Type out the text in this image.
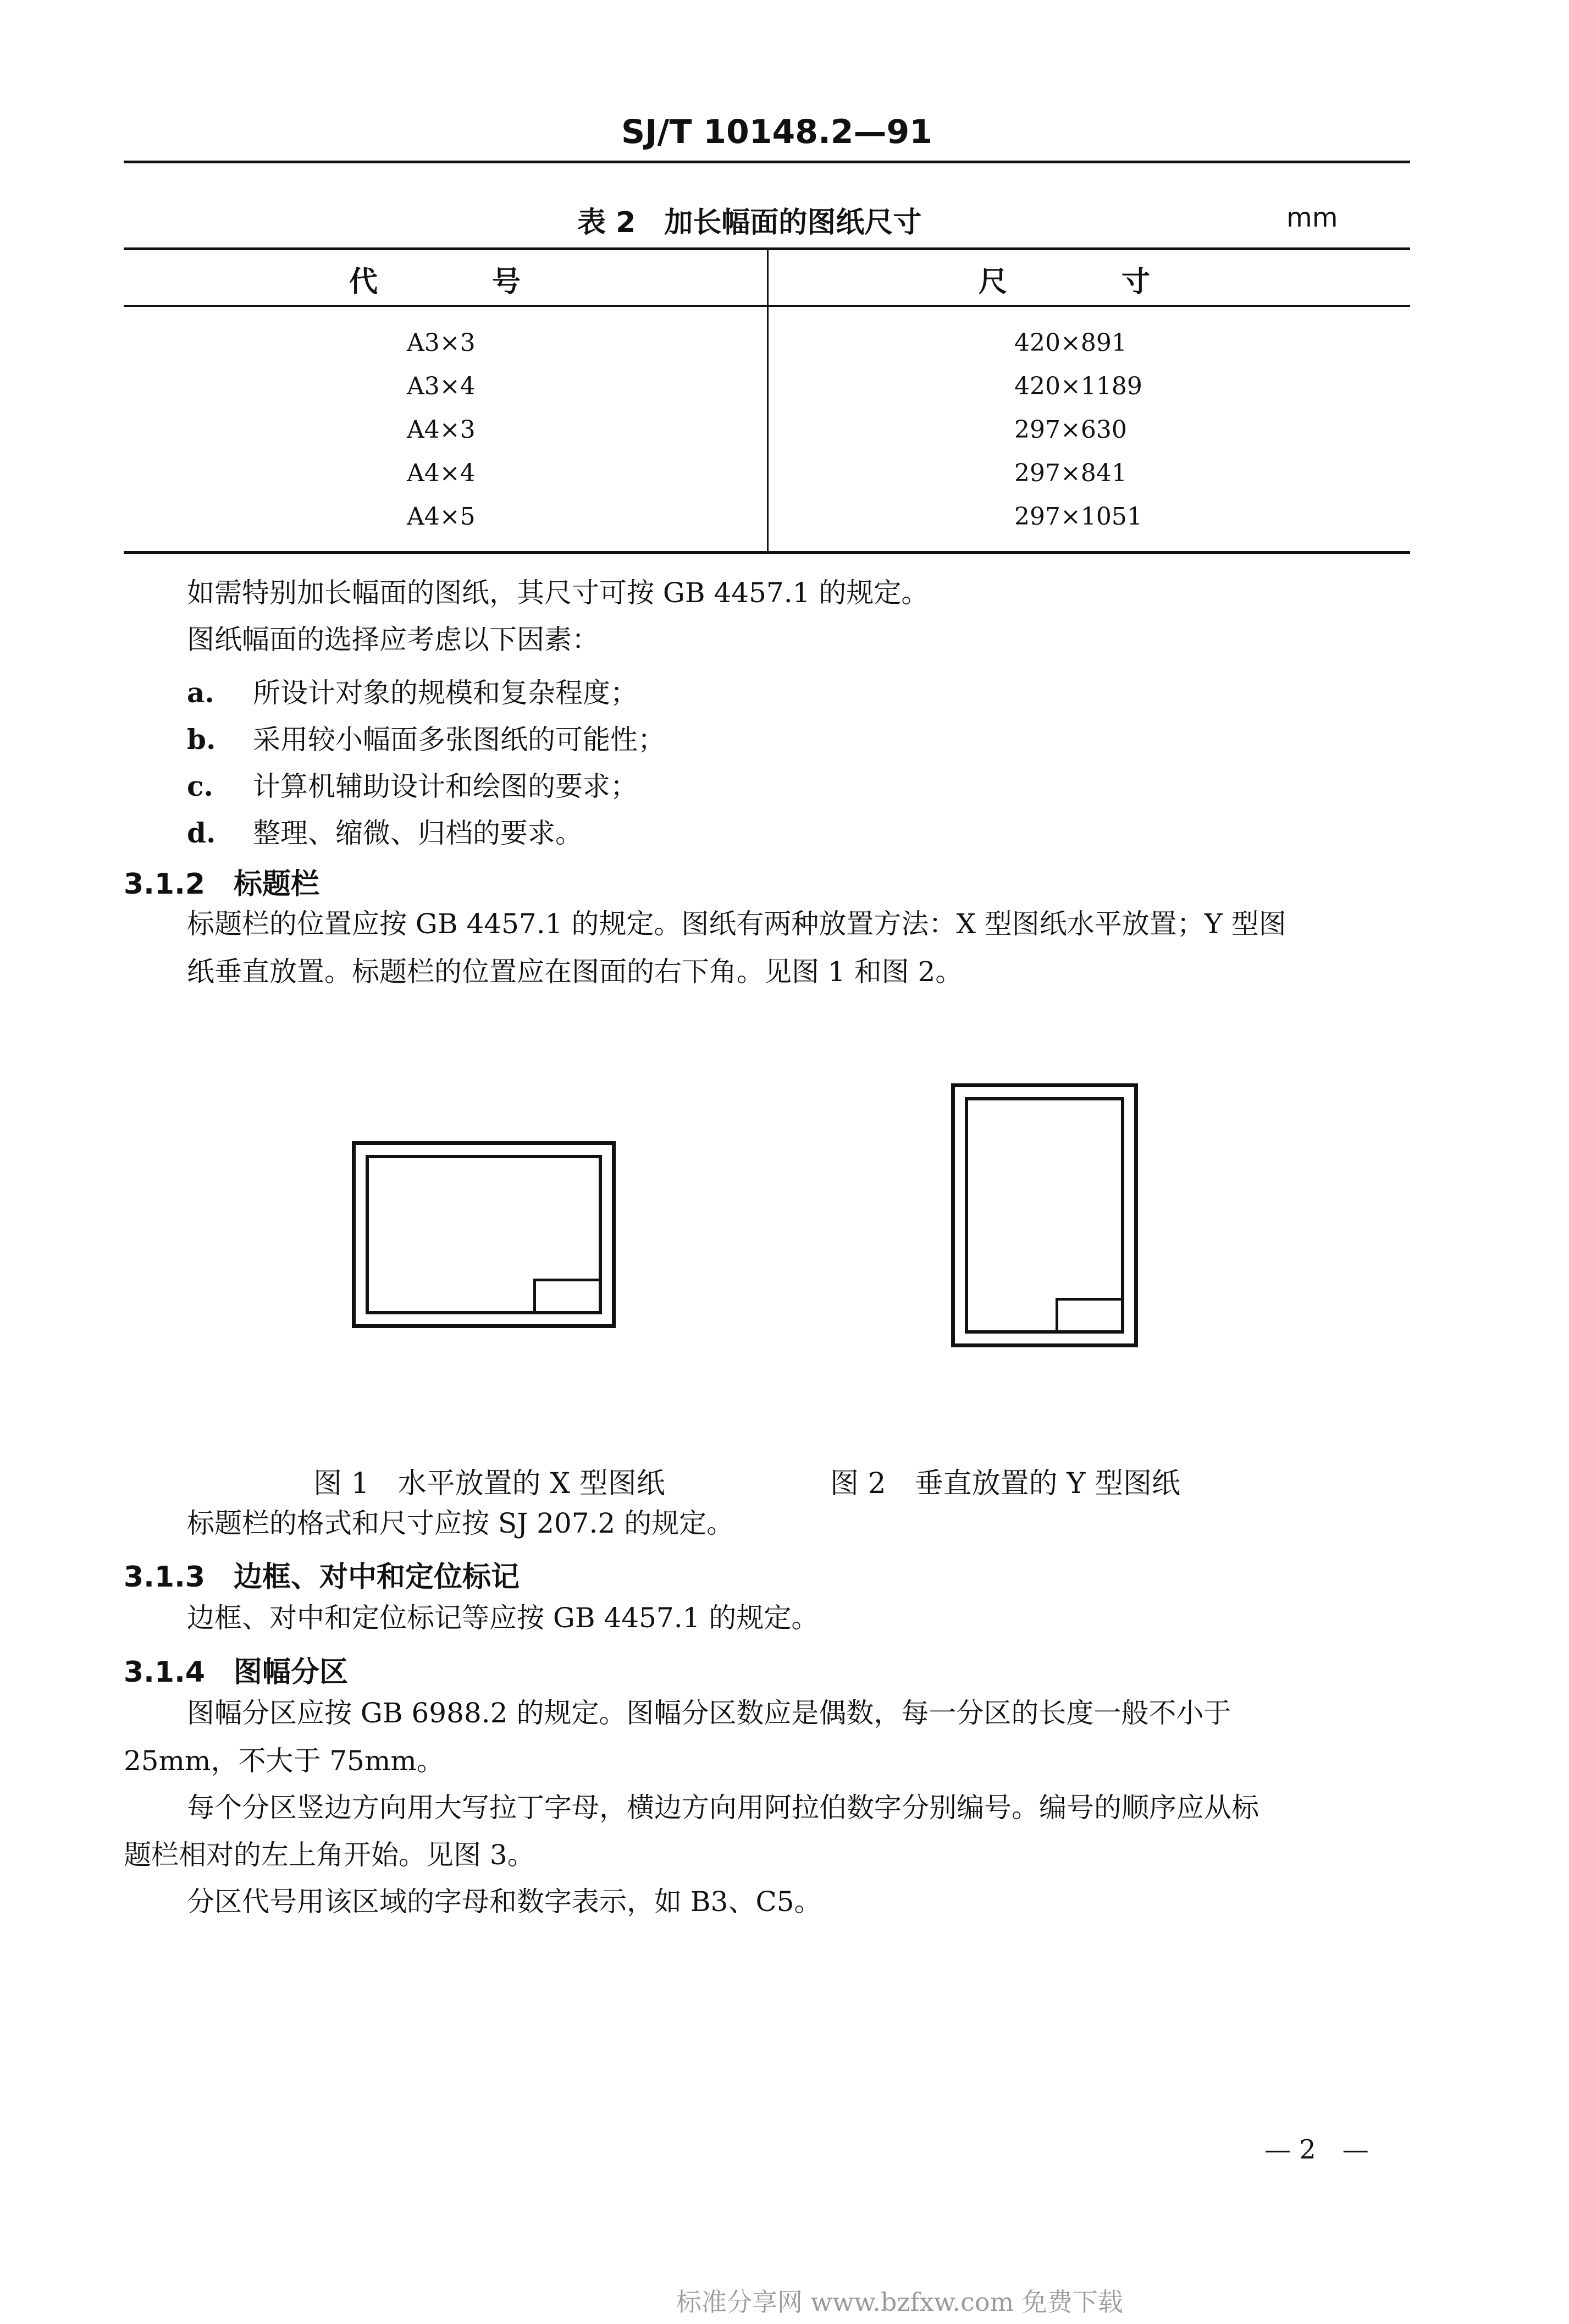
SJ/T 10148.2—91
表 2　加长幅面的图纸尺寸	mm
代　　　　号	尺　　　　寸
A3×3	420×891
A3×4	420×1189
A4×3	297×630
A4×4	297×841
A4×5	297×1051
如需特别加长幅面的图纸，其尺寸可按 GB 4457.1 的规定。
图纸幅面的选择应考虑以下因素：
a. 所设计对象的规模和复杂程度；
b. 采用较小幅面多张图纸的可能性；
c. 计算机辅助设计和绘图的要求；
d. 整理、缩微、归档的要求。
3.1.2 标题栏
标题栏的位置应按 GB 4457.1 的规定。图纸有两种放置方法：X 型图纸水平放置；Y 型图
纸垂直放置。标题栏的位置应在图面的右下角。见图 1 和图 2。
图 1　水平放置的 X 型图纸	图 2　垂直放置的 Y 型图纸
标题栏的格式和尺寸应按 SJ 207.2 的规定。
3.1.3 边框、对中和定位标记
边框、对中和定位标记等应按 GB 4457.1 的规定。
3.1.4 图幅分区
图幅分区应按 GB 6988.2 的规定。图幅分区数应是偶数，每一分区的长度一般不小于
25mm，不大于 75mm。
每个分区竖边方向用大写拉丁字母，横边方向用阿拉伯数字分别编号。编号的顺序应从标
题栏相对的左上角开始。见图 3。
分区代号用该区域的字母和数字表示，如 B3、C5。
— 2　—
标准分享网 www.bzfxw.com 免费下载
